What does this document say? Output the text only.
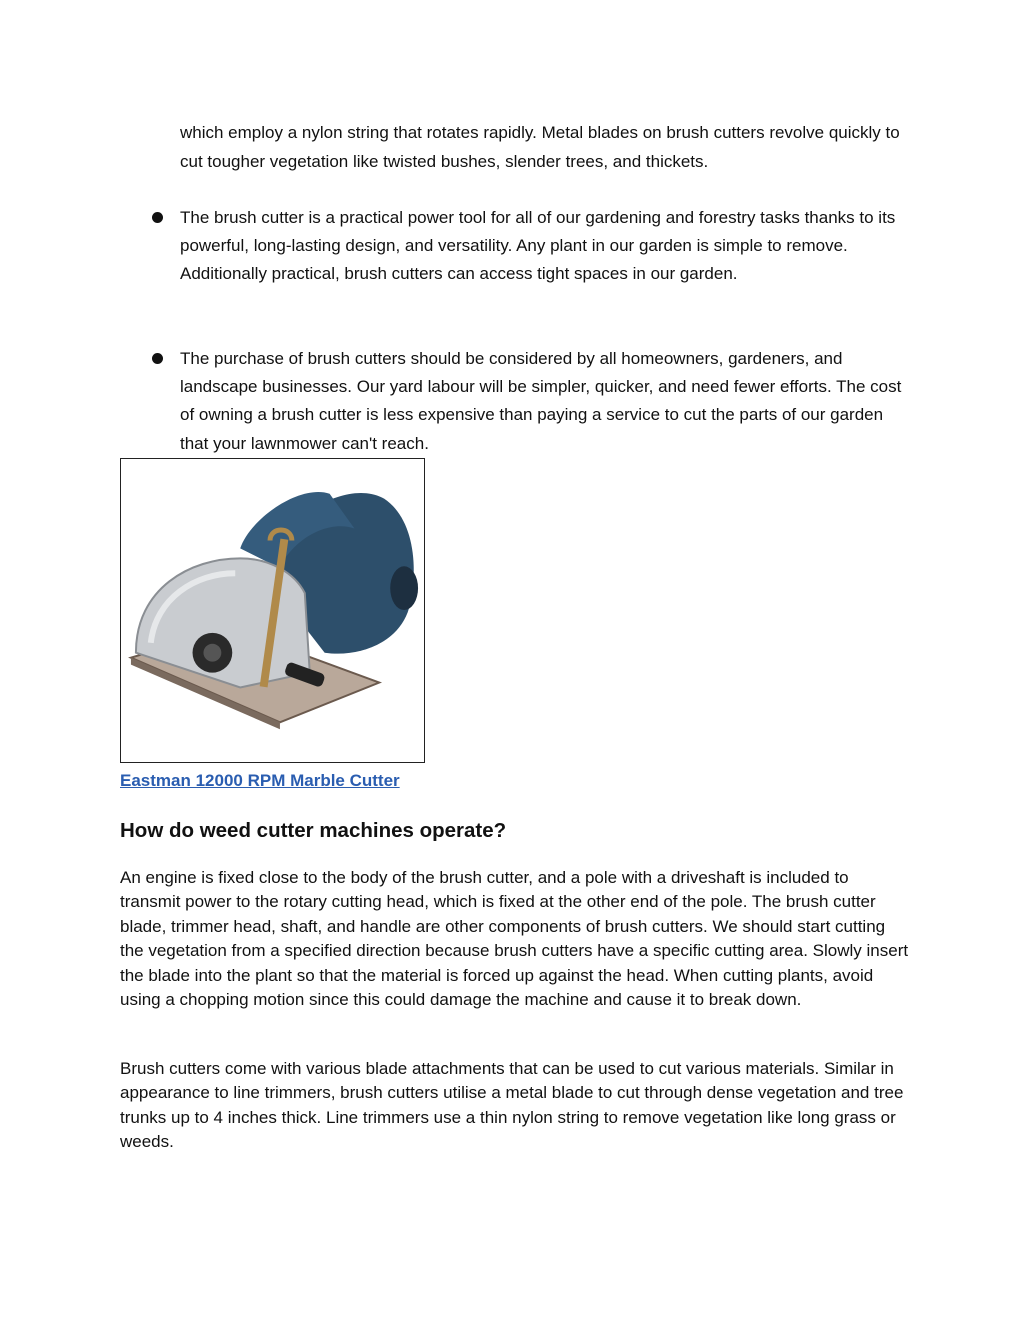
which employ a nylon string that rotates rapidly. Metal blades on brush cutters revolve quickly to cut tougher vegetation like twisted bushes, slender trees, and thickets.

The brush cutter is a practical power tool for all of our gardening and forestry tasks thanks to its powerful, long-lasting design, and versatility. Any plant in our garden is simple to remove. Additionally practical, brush cutters can access tight spaces in our garden.
The purchase of brush cutters should be considered by all homeowners, gardeners, and landscape businesses. Our yard labour will be simpler, quicker, and need fewer efforts. The cost of owning a brush cutter is less expensive than paying a service to cut the parts of our garden that your lawnmower can't reach.

Eastman 12000 RPM Marble Cutter

How do weed cutter machines operate?

An engine is fixed close to the body of the brush cutter, and a pole with a driveshaft is included to transmit power to the rotary cutting head, which is fixed at the other end of the pole. The brush cutter blade, trimmer head, shaft, and handle are other components of brush cutters. We should start cutting the vegetation from a specified direction because brush cutters have a specific cutting area. Slowly insert the blade into the plant so that the material is forced up against the head. When cutting plants, avoid using a chopping motion since this could damage the machine and cause it to break down.

Brush cutters come with various blade attachments that can be used to cut various materials. Similar in appearance to line trimmers, brush cutters utilise a metal blade to cut through dense vegetation and tree trunks up to 4 inches thick. Line trimmers use a thin nylon string to remove vegetation like long grass or weeds.
